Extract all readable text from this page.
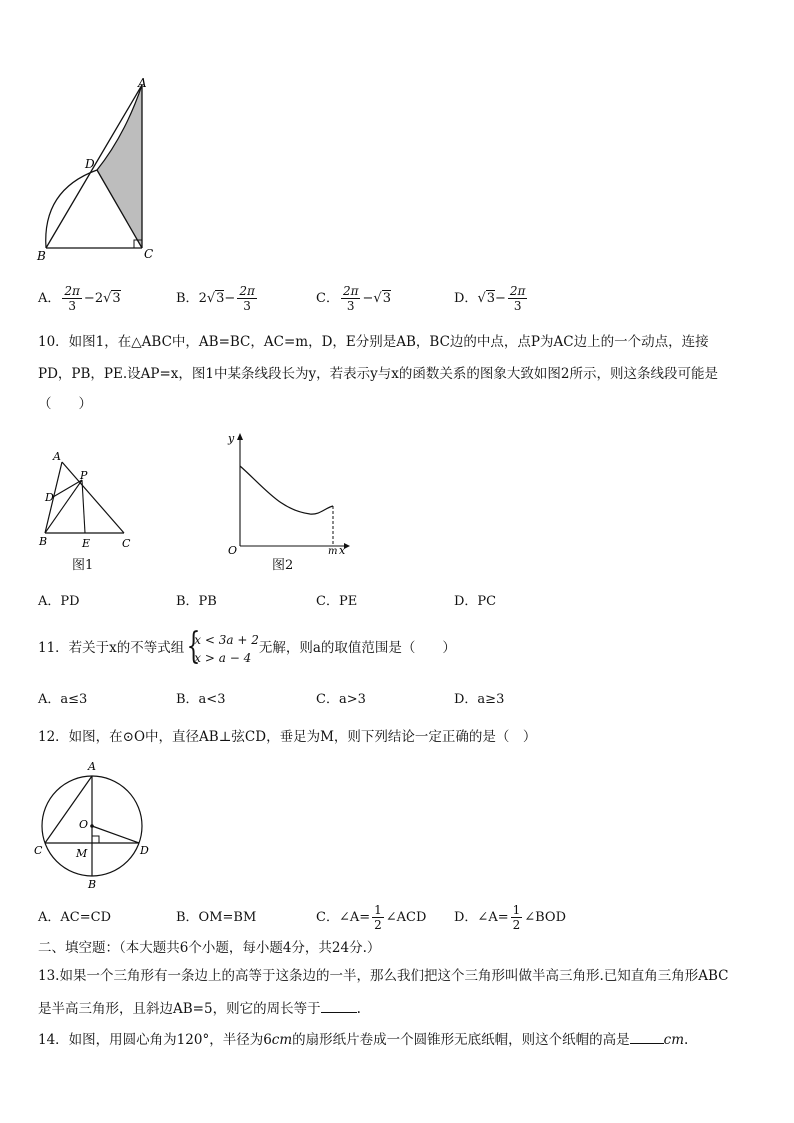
A
D
B	C
A． $\frac{2\pi}{3} -2√3$	B．$2√3- \frac{2\pi}{3}$	C． $\frac{2\pi}{3} -√3$	D．$√3- \frac{2\pi}{3}$
10．如图1，在△ABC中，AB=BC，AC=m，D，E分别是AB，BC边的中点，点P为AC边上的一个动点，连接
PD，PB，PE.设AP=x，图1中某条线段长为y，若表示y与x的函数关系的图象大致如图2所示，则这条线段可能是
（　　）
A
P
D
B	E	C
图1
y
O	m x
图2
A．PD	B．PB	C．PE	D．PC
11．若关于x的不等式组
{ x < 3a + 2
x > a − 4
无解，则a的取值范围是（　　）
A．a≤3	B．a<3	C．a>3	D．a≥3
12．如图，在⊙O中，直径AB⊥弦CD，垂足为M，则下列结论一定正确的是（　）
A
O
C	M	D
B
A．AC=CD	B．OM=BM	C．∠A= $\frac{1}{2}$ ∠ACD D．∠A= $\frac{1}{2}$ ∠BOD
二、填空题：（本大题共6个小题，每小题4分，共24分.）
13.如果一个三角形有一条边上的高等于这条边的一半，那么我们把这个三角形叫做半高三角形.已知直角三角形ABC
是半高三角形，且斜边AB=5，则它的周长等于	.
14．如图，用圆心角为120°，半径为6cm的扇形纸片卷成一个圆锥形无底纸帽，则这个纸帽的高是	cm.
